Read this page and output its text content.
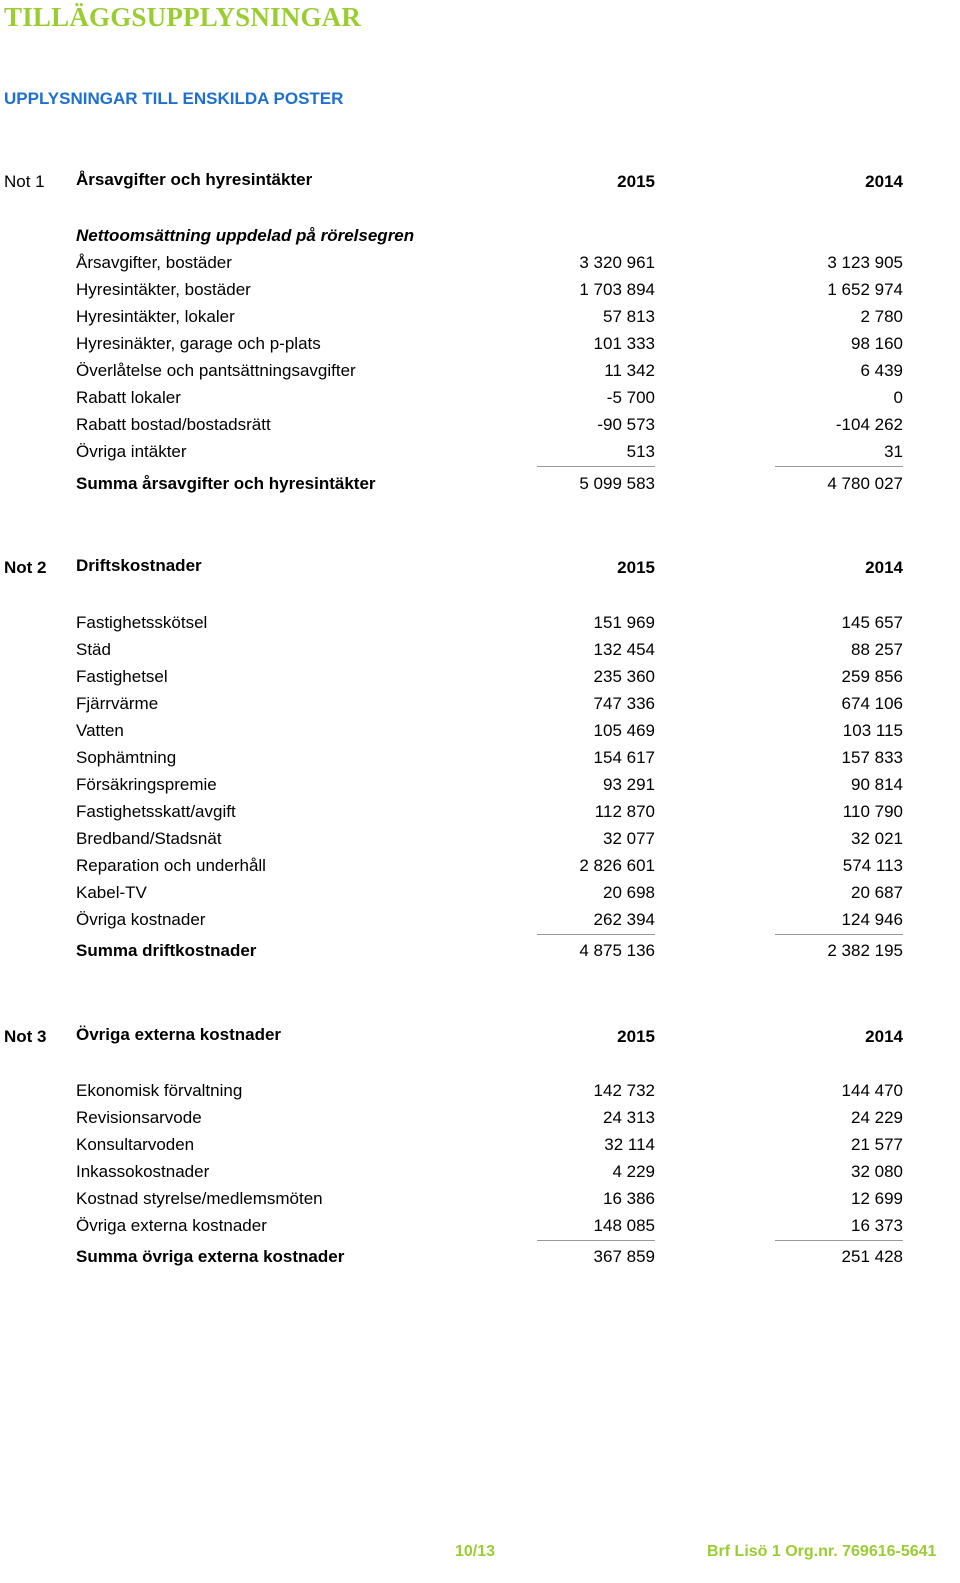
TILLÄGGSUPPLYSNINGAR
UPPLYSNINGAR TILL ENSKILDA POSTER
Not 1 Årsavgifter och hyresintäkter	2015	2014
Nettoomsättning uppdelad på rörelsegren
Årsavgifter, bostäder	3 320 961	3 123 905
Hyresintäkter, bostäder	1 703 894	1 652 974
Hyresintäkter, lokaler	57 813	2 780
Hyresinäkter, garage och p-plats	101 333	98 160
Överlåtelse och pantsättningsavgifter	11 342	6 439
Rabatt lokaler	-5 700	0
Rabatt bostad/bostadsrätt	-90 573	-104 262
Övriga intäkter	513	31
Summa årsavgifter och hyresintäkter	5 099 583	4 780 027
Not 2 Driftskostnader	2015	2014
Fastighetsskötsel	151 969	145 657
Städ	132 454	88 257
Fastighetsel	235 360	259 856
Fjärrvärme	747 336	674 106
Vatten	105 469	103 115
Sophämtning	154 617	157 833
Försäkringspremie	93 291	90 814
Fastighetsskatt/avgift	112 870	110 790
Bredband/Stadsnät	32 077	32 021
Reparation och underhåll	2 826 601	574 113
Kabel-TV	20 698	20 687
Övriga kostnader	262 394	124 946
Summa driftkostnader	4 875 136	2 382 195
Not 3 Övriga externa kostnader	2015	2014
Ekonomisk förvaltning	142 732	144 470
Revisionsarvode	24 313	24 229
Konsultarvoden	32 114	21 577
Inkassokostnader	4 229	32 080
Kostnad styrelse/medlemsmöten	16 386	12 699
Övriga externa kostnader	148 085	16 373
Summa övriga externa kostnader	367 859	251 428
10/13	Brf Lisö 1 Org.nr. 769616-5641
